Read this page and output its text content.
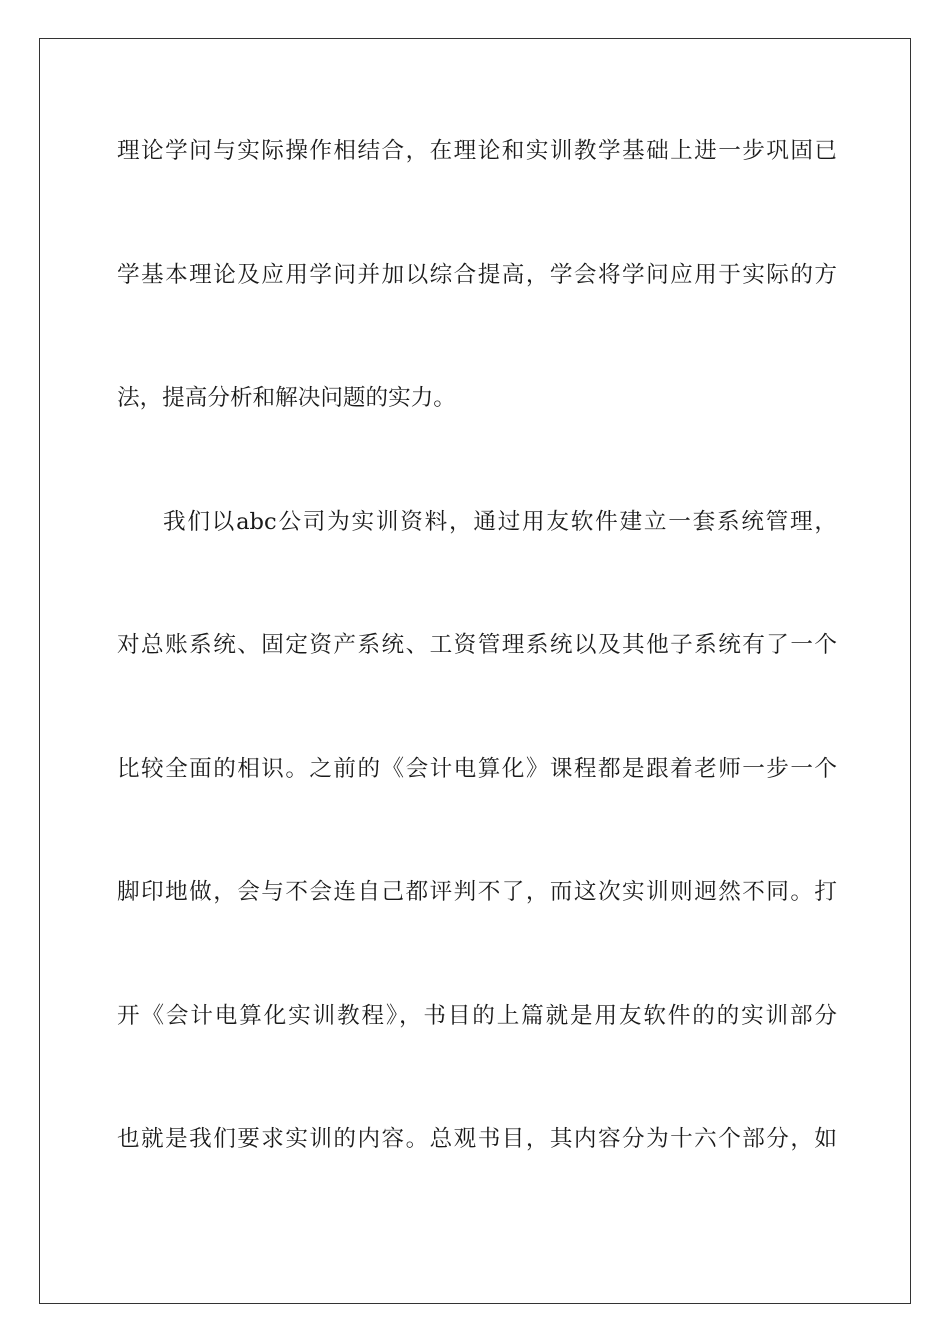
理论学问与实际操作相结合，在理论和实训教学基础上进一步巩固已
学基本理论及应用学问并加以综合提高，学会将学问应用于实际的方
法，提高分析和解决问题的实力。
我们以abc公司为实训资料，通过用友软件建立一套系统管理，
对总账系统、固定资产系统、工资管理系统以及其他子系统有了一个
比较全面的相识。之前的《会计电算化》课程都是跟着老师一步一个
脚印地做，会与不会连自己都评判不了，而这次实训则迥然不同。打
开《会计电算化实训教程》，书目的上篇就是用友软件的的实训部分
也就是我们要求实训的内容。总观书目，其内容分为十六个部分，如
